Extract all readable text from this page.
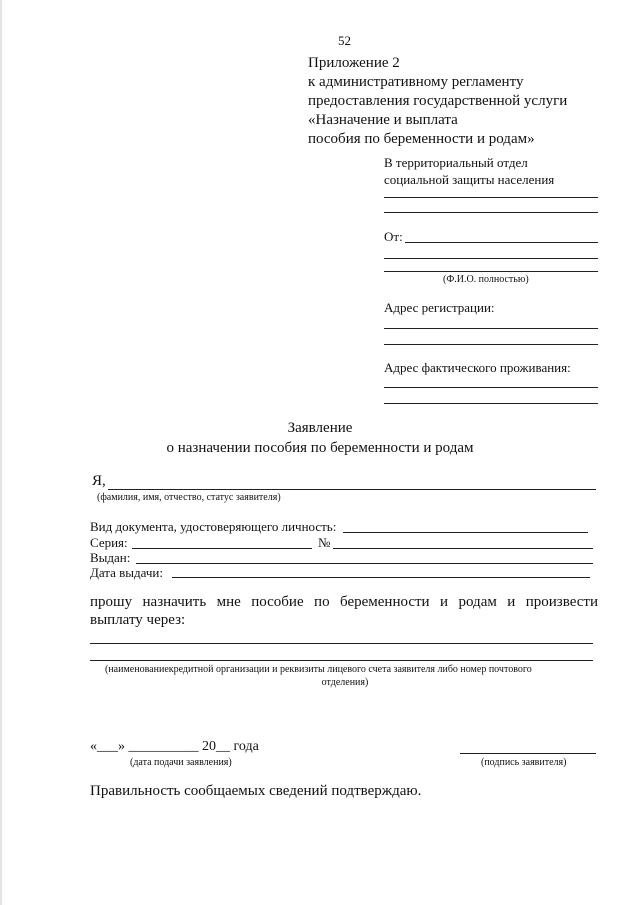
52
Приложение 2
к административному регламенту
предоставления государственной услуги
«Назначение и выплата
пособия по беременности и родам»
В территориальный отдел
социальной защиты населения
От:
(Ф.И.О. полностью)
Адрес регистрации:
Адрес фактического проживания:
Заявление
о назначении пособия по беременности и родам
Я,
(фамилия, имя, отчество, статус заявителя)
Вид документа, удостоверяющего личность:
Серия:	№
Выдан:
Дата выдачи:
прошу назначить мне пособие по беременности и родам и произвести
выплату через:
(наименованиекредитной организации и реквизиты лицевого счета заявителя либо номер почтового
отделения)
«___» __________ 20__ года
(дата подачи заявления)	(подпись заявителя)
Правильность сообщаемых сведений подтверждаю.
